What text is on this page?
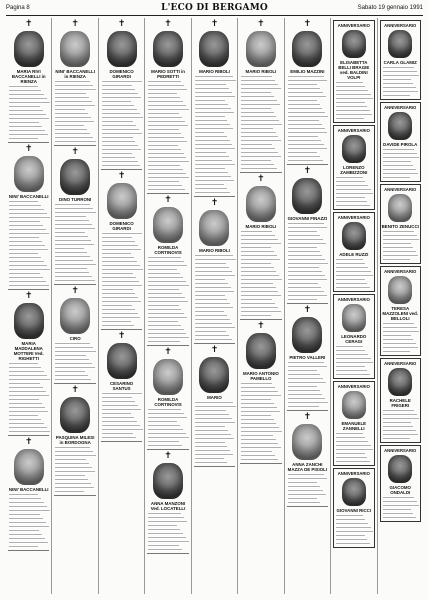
Pagina 8	L'ECO DI BERGAMO	Sabato 19 gennaio 1991
✝
MARIA RIVI BACCANELLI in RIENZA
✝
NINI' BACCANELLI
✝
MARIA MADDALENA MOTTERI Ved. RIGHETTI
✝
NINI' BACCANELLI
✝
NINI' BACCANELLI in RIENZA
✝
DINO TURRONI
✝
CIRO
✝
PASQUINA MILESI in BORDOGNA
✝
DOMENICO GIRARDI
✝
DOMENICO GIRARDI
✝
CESARINO SANTUS
✝
MARIO SOTTI in PEDRETTI
✝
ROMILDA CORTINOVIS
✝
ROMILDA CORTINOVIS
✝
ANNA MANZONI Ved. LOCATELLI
✝
MARIO RIBOLI
✝
MARIO RIBOLI
✝
MARIO
✝
MARIO RIBOLI
✝
MARIO RIBOLI
✝
MARIO ANTONIO PAMELLO
✝
EMILIO MAZZINI
✝
GIOVANNI FINAZZI
✝
PIETRO VALLERI
✝
ANNA ZANCHI MAZZA DE PISIOLI
ANNIVERSARIO
ELISABETTA BELLI BRAGIE ved. BALDINI VOLPI
ANNIVERSARIO
LORENZO ZAMBIZZONI
ANNIVERSARIO
ADELE RUZZI
ANNIVERSARIO
LEONARDO CERAGI
ANNIVERSARIO
EMANUELE ZANNELLI
ANNIVERSARIO
GIOVANNI RICCI
ANNIVERSARIO
CARLA GLAMIZ
ANNIVERSARIO
DAVIDE PIROLA
ANNIVERSARIO
BENITO ZENUCCI
ANNIVERSARIO
TERESA MAZZOLENI ved. BELLOLI
ANNIVERSARIO
RACHELE FRIGERI
ANNIVERSARIO
GIACOMO ONDALDI
